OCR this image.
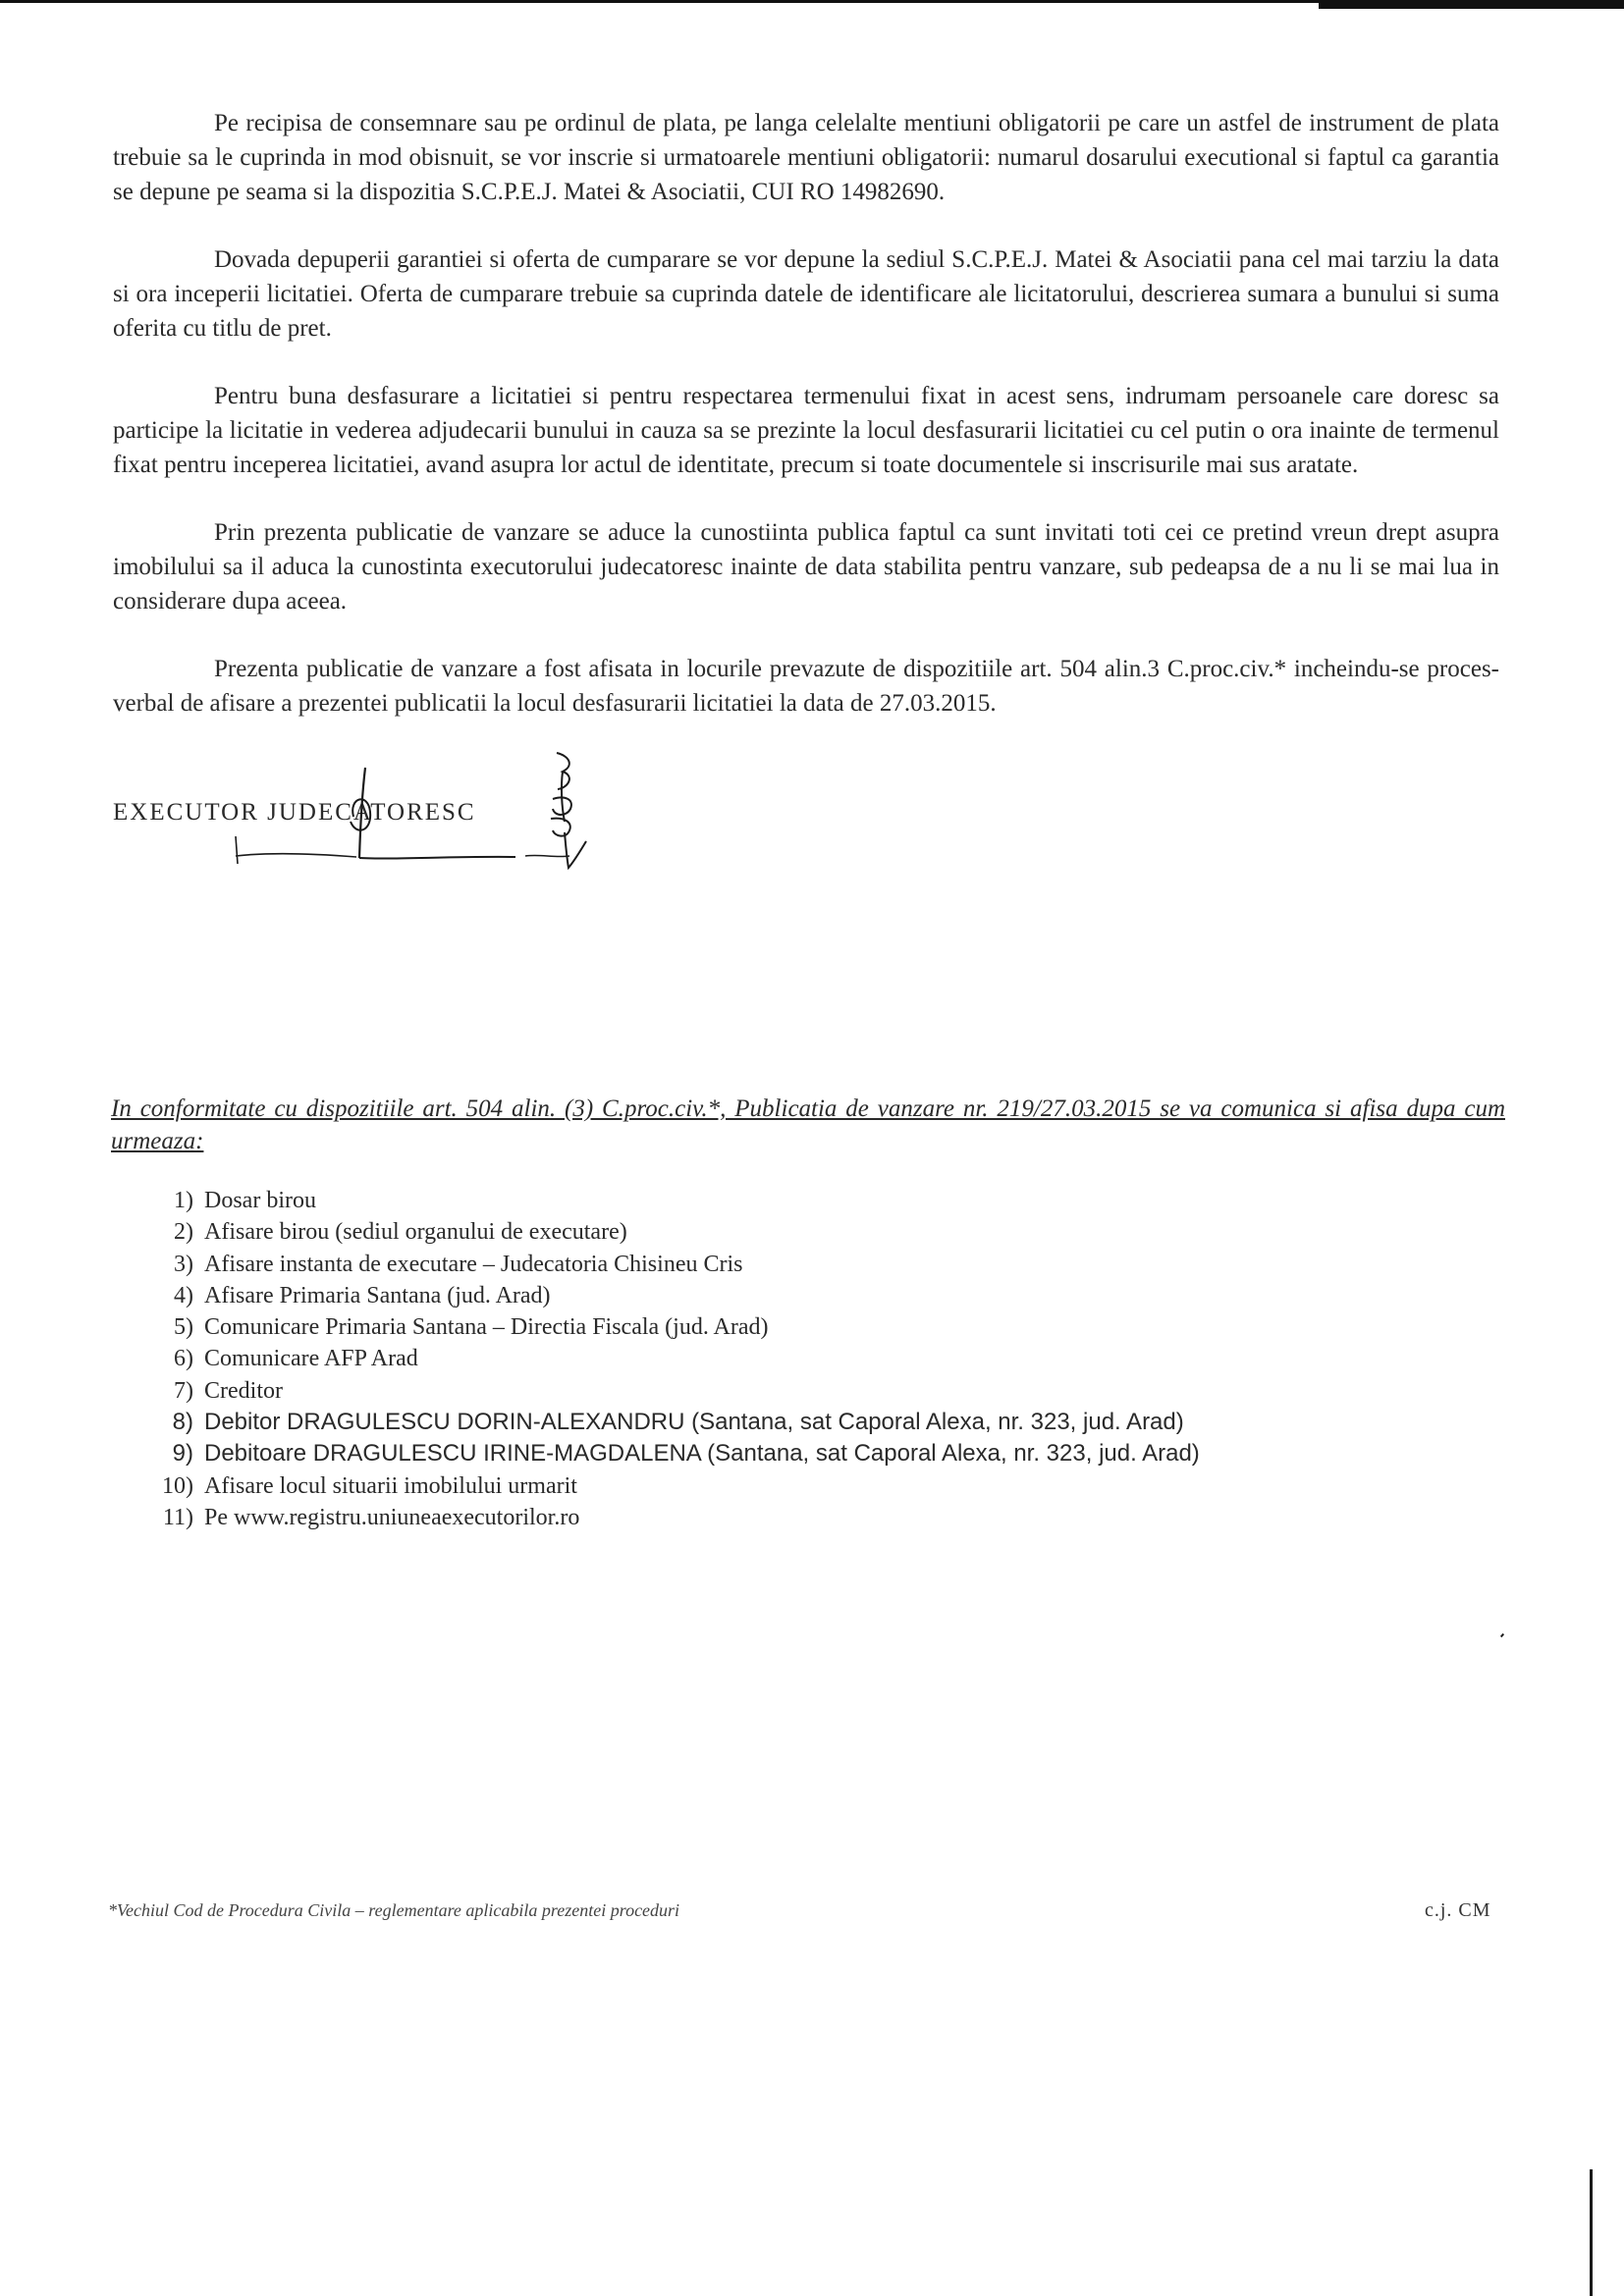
Pe recipisa de consemnare sau pe ordinul de plata, pe langa celelalte mentiuni obligatorii pe care un astfel de instrument de plata trebuie sa le cuprinda in mod obisnuit, se vor inscrie si urmatoarele mentiuni obligatorii: numarul dosarului executional si faptul ca garantia se depune pe seama si la dispozitia S.C.P.E.J. Matei & Asociatii, CUI RO 14982690.

Dovada depuperii garantiei si oferta de cumparare se vor depune la sediul S.C.P.E.J. Matei & Asociatii pana cel mai tarziu la data si ora inceperii licitatiei. Oferta de cumparare trebuie sa cuprinda datele de identificare ale licitatorului, descrierea sumara a bunului si suma oferita cu titlu de pret.

Pentru buna desfasurare a licitatiei si pentru respectarea termenului fixat in acest sens, indrumam persoanele care doresc sa participe la licitatie in vederea adjudecarii bunului in cauza sa se prezinte la locul desfasurarii licitatiei cu cel putin o ora inainte de termenul fixat pentru inceperea licitatiei, avand asupra lor actul de identitate, precum si toate documentele si inscrisurile mai sus aratate.

Prin prezenta publicatie de vanzare se aduce la cunostiinta publica faptul ca sunt invitati toti cei ce pretind vreun drept asupra imobilului sa il aduca la cunostinta executorului judecatoresc inainte de data stabilita pentru vanzare, sub pedeapsa de a nu li se mai lua in considerare dupa aceea.

Prezenta publicatie de vanzare a fost afisata in locurile prevazute de dispozitiile art. 504 alin.3 C.proc.civ.* incheindu-se proces-verbal de afisare a prezentei publicatii la locul desfasurarii licitatiei la data de 27.03.2015.

EXECUTOR JUDECATORESC

In conformitate cu dispozitiile art. 504 alin. (3) C.proc.civ.*, Publicatia de vanzare nr. 219/27.03.2015 se va comunica si afisa dupa cum urmeaza:

1) Dosar birou
2) Afisare birou (sediul organului de executare)
3) Afisare instanta de executare – Judecatoria Chisineu Cris
4) Afisare Primaria Santana (jud. Arad)
5) Comunicare Primaria Santana – Directia Fiscala (jud. Arad)
6) Comunicare AFP Arad
7) Creditor
8) Debitor DRAGULESCU DORIN-ALEXANDRU (Santana, sat Caporal Alexa, nr. 323, jud. Arad)
9) Debitoare DRAGULESCU IRINE-MAGDALENA (Santana, sat Caporal Alexa, nr. 323, jud. Arad)
10) Afisare locul situarii imobilului urmarit
11) Pe www.registru.uniuneaexecutorilor.ro
*Vechiul Cod de Procedura Civila – reglementare aplicabila prezentei proceduri	c.j. CM
